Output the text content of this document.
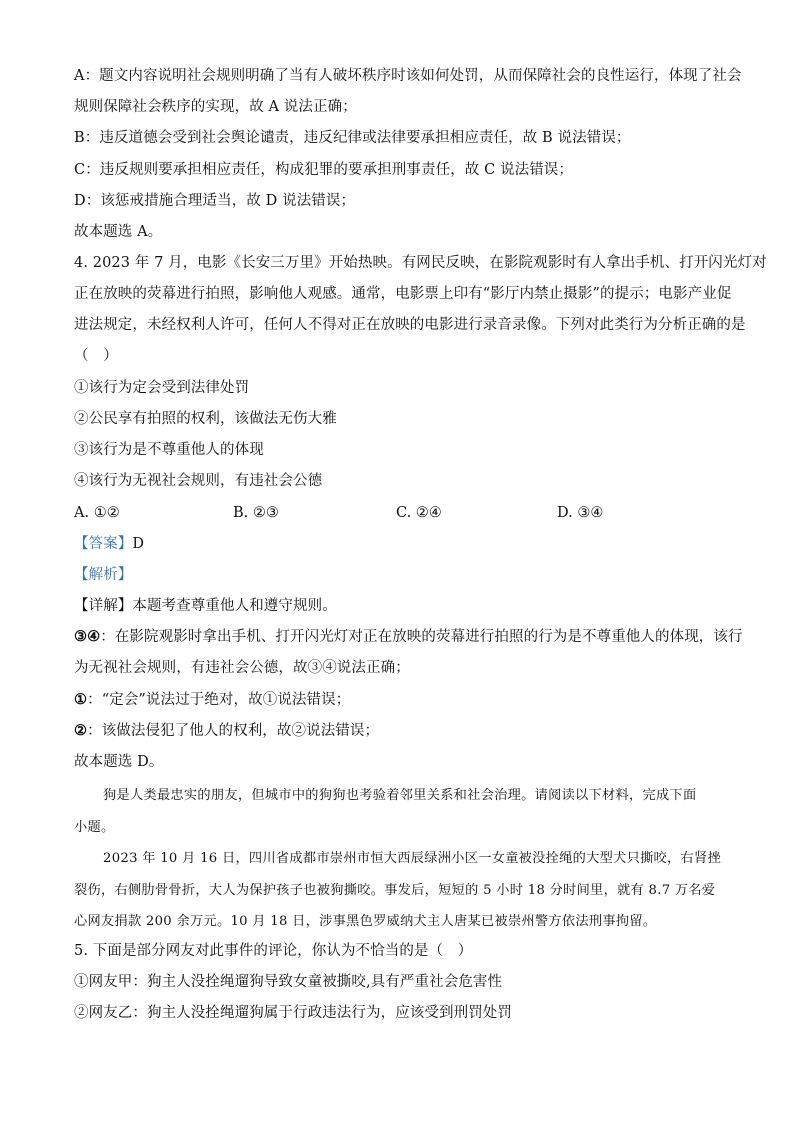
A：题文内容说明社会规则明确了当有人破坏秩序时该如何处罚，从而保障社会的良性运行，体现了社会
规则保障社会秩序的实现，故 A 说法正确；
B：违反道德会受到社会舆论谴责，违反纪律或法律要承担相应责任，故 B 说法错误；
C：违反规则要承担相应责任，构成犯罪的要承担刑事责任，故 C 说法错误；
D：该惩戒措施合理适当，故 D 说法错误；
故本题选 A。
4. 2023 年 7 月，电影《长安三万里》开始热映。有网民反映，在影院观影时有人拿出手机、打开闪光灯对
正在放映的荧幕进行拍照，影响他人观感。通常，电影票上印有“影厅内禁止摄影”的提示；电影产业促
进法规定，未经权利人许可，任何人不得对正在放映的电影进行录音录像。下列对此类行为分析正确的是
（　）
①该行为定会受到法律处罚
②公民享有拍照的权利，该做法无伤大雅
③该行为是不尊重他人的体现
④该行为无视社会规则，有违社会公德
A. ①②	B. ②③	C. ②④	D. ③④
【答案】D
【解析】
【详解】本题考查尊重他人和遵守规则。
③④：在影院观影时拿出手机、打开闪光灯对正在放映的荧幕进行拍照的行为是不尊重他人的体现，该行
为无视社会规则，有违社会公德，故③④说法正确；
①：“定会”说法过于绝对，故①说法错误；
②：该做法侵犯了他人的权利，故②说法错误；
故本题选 D。
狗是人类最忠实的朋友，但城市中的狗狗也考验着邻里关系和社会治理。请阅读以下材料，完成下面
小题。
2023 年 10 月 16 日，四川省成都市崇州市恒大西辰绿洲小区一女童被没拴绳的大型犬只撕咬，右肾挫
裂伤，右侧肋骨骨折，大人为保护孩子也被狗撕咬。事发后，短短的 5 小时 18 分时间里，就有 8.7 万名爱
心网友捐款 200 余万元。10 月 18 日，涉事黑色罗威纳犬主人唐某已被崇州警方依法刑事拘留。
5. 下面是部分网友对此事件的评论，你认为不恰当的是（　）
①网友甲：狗主人没拴绳遛狗导致女童被撕咬,具有严重社会危害性
②网友乙：狗主人没拴绳遛狗属于行政违法行为，应该受到刑罚处罚
